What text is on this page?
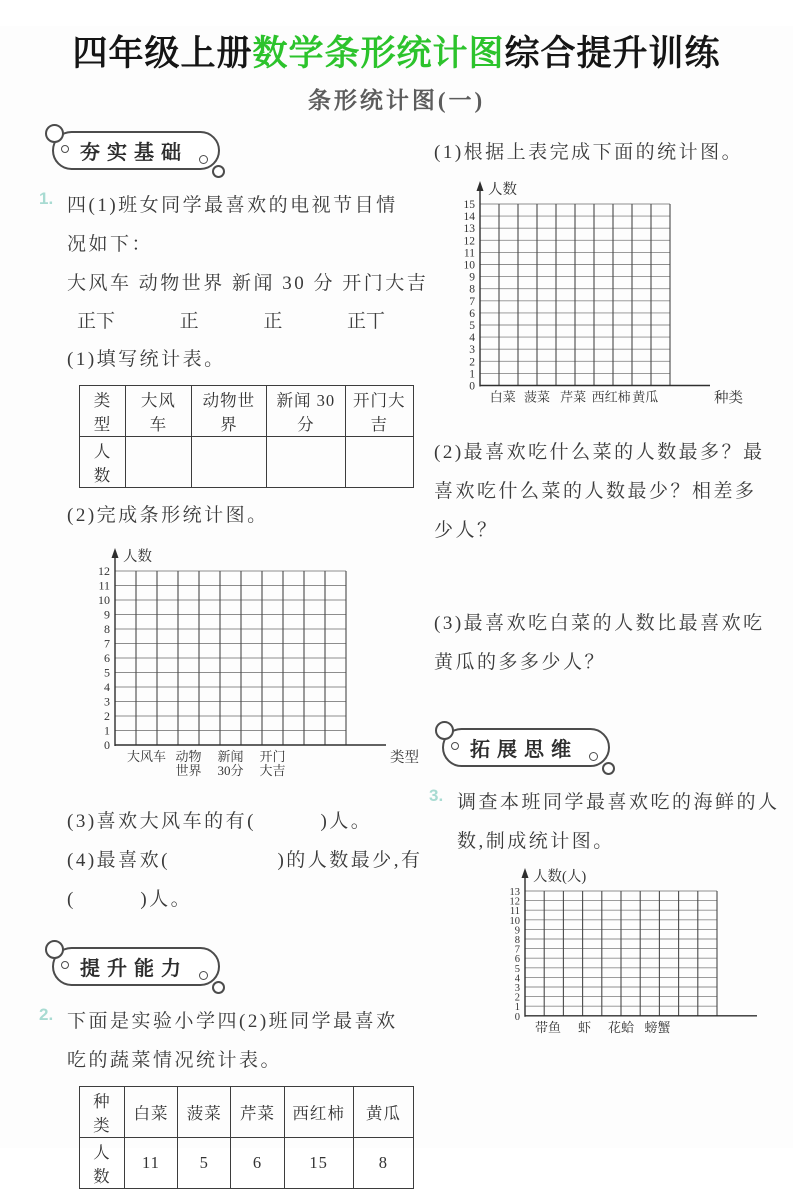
四年级上册数学条形统计图综合提升训练
条形统计图(一)
夯实基础
1. 四(1)班女同学最喜欢的电视节目情
况如下：
大风车 动物世界 新闻 30 分 开门大吉
正下	正	正	正丅
(1)填写统计表。
类型	大风车	动物世界	新闻 30 分	开门大吉
人数				
(2)完成条形统计图。
0
1
2
3
4
5
6
7
8
9
10
11
12
人数
类型
大风车 动物世界
新闻 30分
开门大吉
(3)喜欢大风车的有(　　　)人。
(4)最喜欢(　　　　　)的人数最少,有
(　　　)人。
提升能力
2. 下面是实验小学四(2)班同学最喜欢
吃的蔬菜情况统计表。
种类	白菜	菠菜	芹菜	西红柿	黄瓜
人数	11	5	6	15	8
(1)根据上表完成下面的统计图。
0
1
2
3
4
5
6
7
8
9
10
11
12
13
14
15
人数
种类
白菜 菠菜 芹菜 西红柿 黄瓜
(2)最喜欢吃什么菜的人数最多？最
喜欢吃什么菜的人数最少？相差多
少人？
(3)最喜欢吃白菜的人数比最喜欢吃
黄瓜的多多少人？
拓展思维
3. 调查本班同学最喜欢吃的海鲜的人
数,制成统计图。
0
1
2
3
4
5
6
7
8
9
10
11
12
13
人数(人)
带鱼 虾 花蛤 螃蟹
